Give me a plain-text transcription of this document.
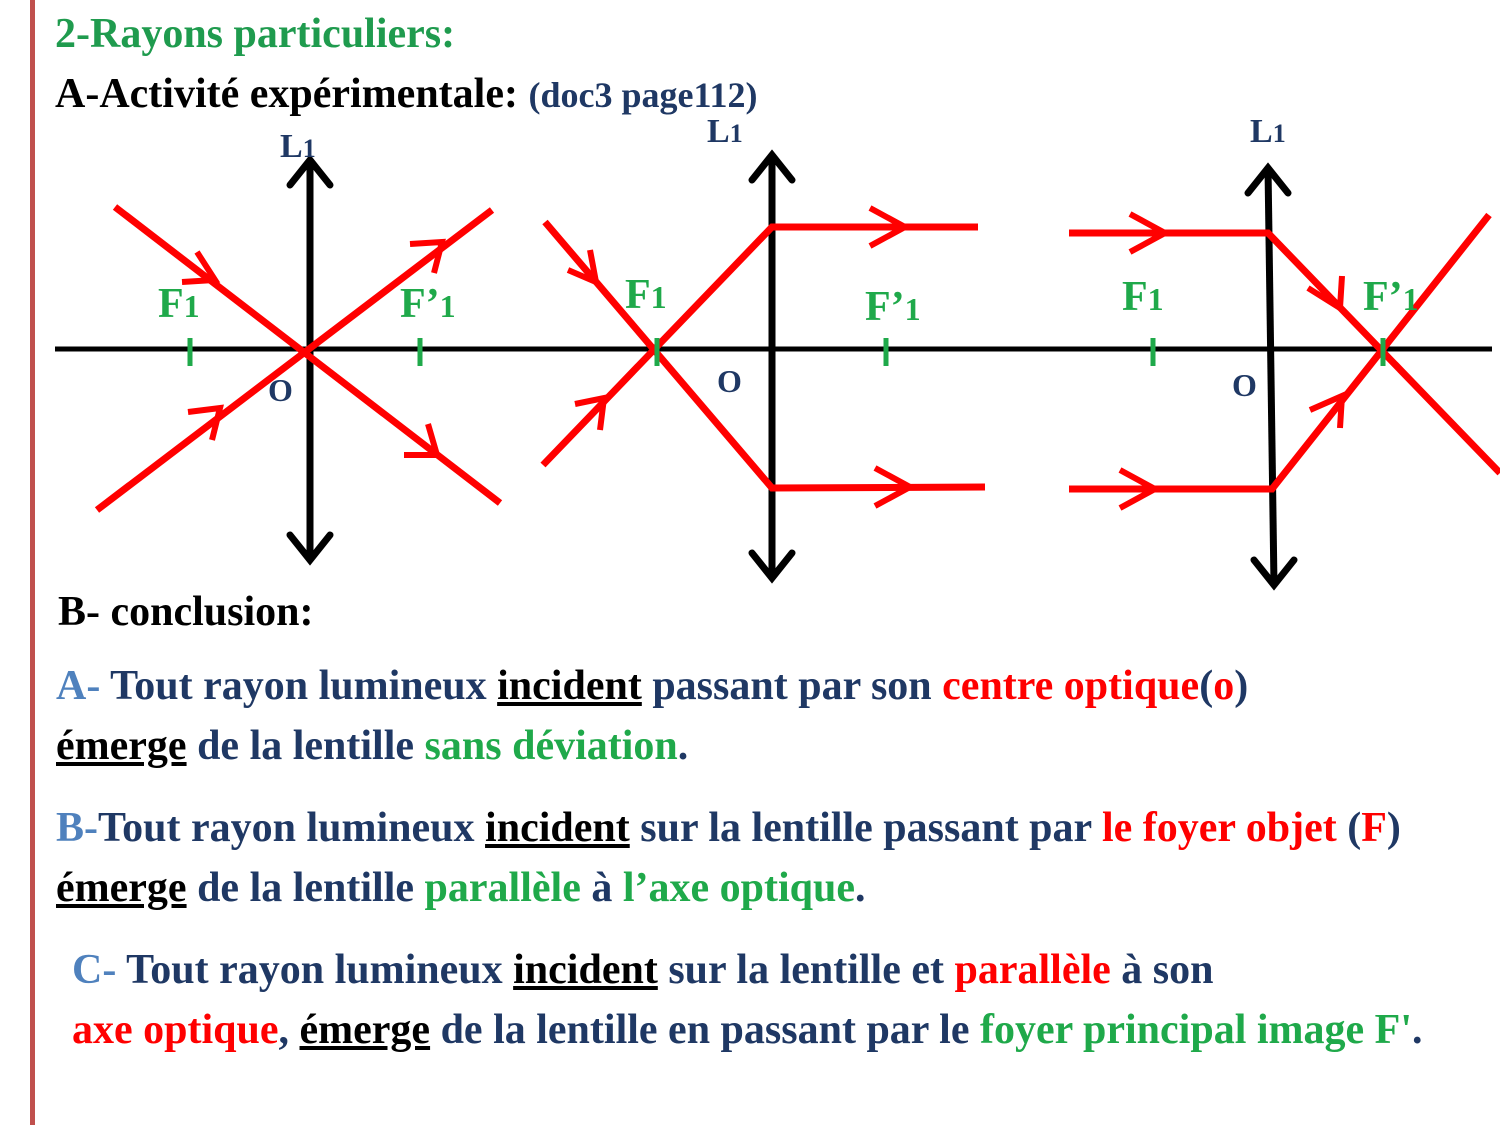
2-Rayons particuliers:

A-Activité expérimentale: (doc3 page112)

L1
F1	F’1
O
L1
F1	F’1
O
L1
F1	F’1
O

B- conclusion:

A- Tout rayon lumineux incident passant par son centre optique(o)
émerge de la lentille sans déviation.

B-Tout rayon lumineux incident sur la lentille passant par le foyer objet (F) émerge de la lentille parallèle à l’axe optique.

C- Tout rayon lumineux incident sur la lentille et parallèle à son
axe optique, émerge de la lentille en passant par le foyer principal image F'.
